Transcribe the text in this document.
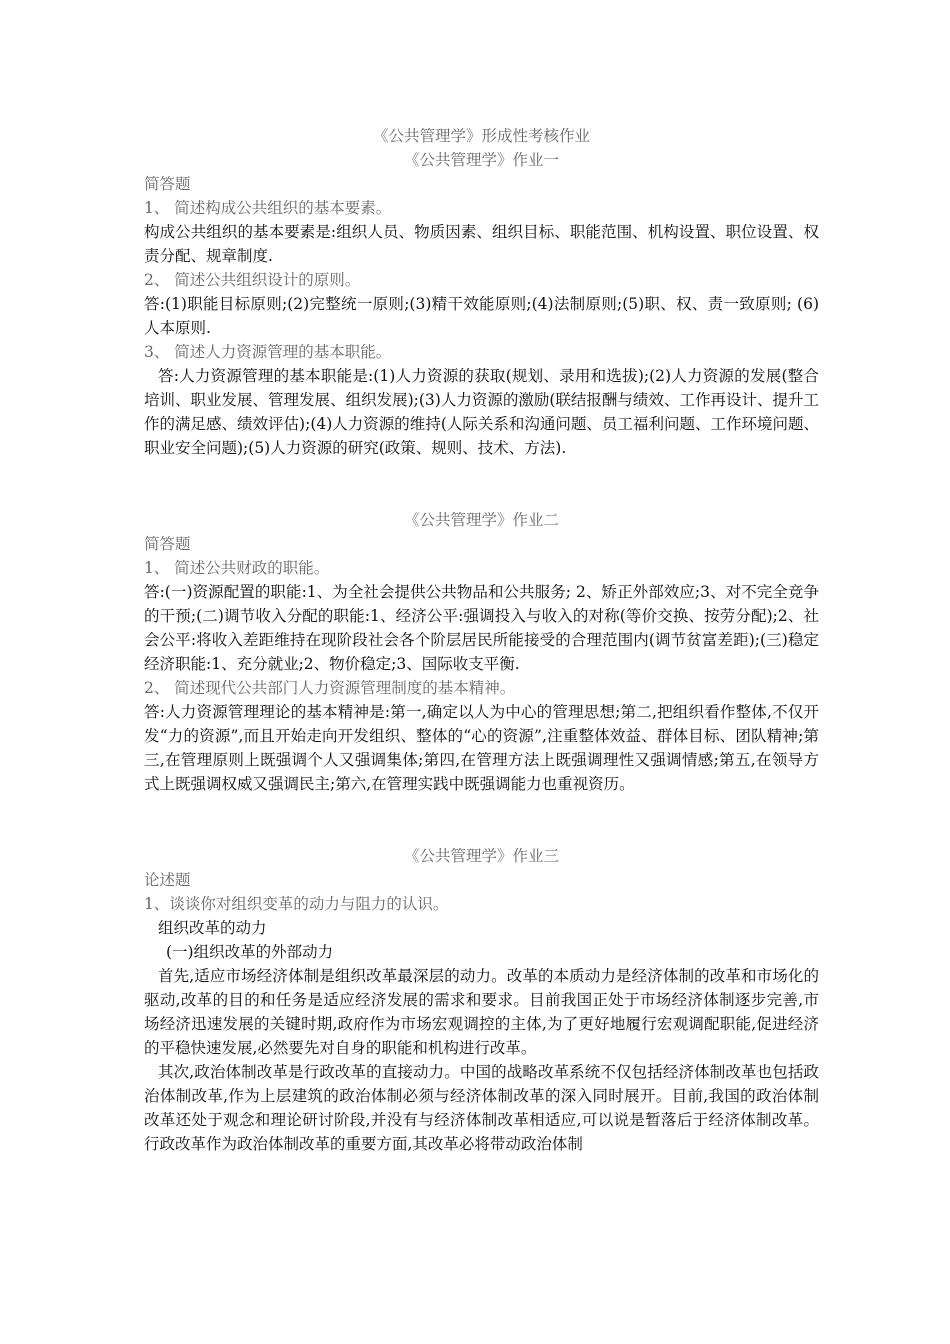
《公共管理学》形成性考核作业
《公共管理学》作业一
简答题
1、 简述构成公共组织的基本要素。

构成公共组织的基本要素是:组织人员、物质因素、组织目标、职能范围、机构设置、职位设置、权责分配、规章制度.

2、 简述公共组织设计的原则。

答:(1)职能目标原则;(2)完整统一原则;(3)精干效能原则;(4)法制原则;(5)职、权、责一致原则; (6)人本原则.

3、 简述人力资源管理的基本职能。

答:人力资源管理的基本职能是:(1)人力资源的获取(规划、录用和选拔);(2)人力资源的发展(整合培训、职业发展、管理发展、组织发展);(3)人力资源的激励(联结报酬与绩效、工作再设计、提升工作的满足感、绩效评估);(4)人力资源的维持(人际关系和沟通问题、员工福利问题、工作环境问题、职业安全问题);(5)人力资源的研究(政策、规则、技术、方法).

《公共管理学》作业二
简答题
1、 简述公共财政的职能。

答:(一)资源配置的职能:1、为全社会提供公共物品和公共服务; 2、矫正外部效应;3、对不完全竞争的干预;(二)调节收入分配的职能:1、经济公平:强调投入与收入的对称(等价交换、按劳分配);2、社会公平:将收入差距维持在现阶段社会各个阶层居民所能接受的合理范围内(调节贫富差距);(三)稳定经济职能:1、充分就业;2、物价稳定;3、国际收支平衡.

2、 简述现代公共部门人力资源管理制度的基本精神。

答:人力资源管理理论的基本精神是:第一,确定以人为中心的管理思想;第二,把组织看作整体,不仅开发“力的资源”,而且开始走向开发组织、整体的“心的资源”,注重整体效益、群体目标、团队精神;第三,在管理原则上既强调个人又强调集体;第四,在管理方法上既强调理性又强调情感;第五,在领导方式上既强调权威又强调民主;第六,在管理实践中既强调能力也重视资历。

《公共管理学》作业三
论述题
1、谈谈你对组织变革的动力与阻力的认识。
组织改革的动力
(一)组织改革的外部动力

首先,适应市场经济体制是组织改革最深层的动力。改革的本质动力是经济体制的改革和市场化的驱动,改革的目的和任务是适应经济发展的需求和要求。目前我国正处于市场经济体制逐步完善,市场经济迅速发展的关键时期,政府作为市场宏观调控的主体,为了更好地履行宏观调配职能,促进经济的平稳快速发展,必然要先对自身的职能和机构进行改革。

其次,政治体制改革是行政改革的直接动力。中国的战略改革系统不仅包括经济体制改革也包括政治体制改革,作为上层建筑的政治体制必须与经济体制改革的深入同时展开。目前,我国的政治体制改革还处于观念和理论研讨阶段,并没有与经济体制改革相适应,可以说是暂落后于经济体制改革。行政改革作为政治体制改革的重要方面,其改革必将带动政治体制
